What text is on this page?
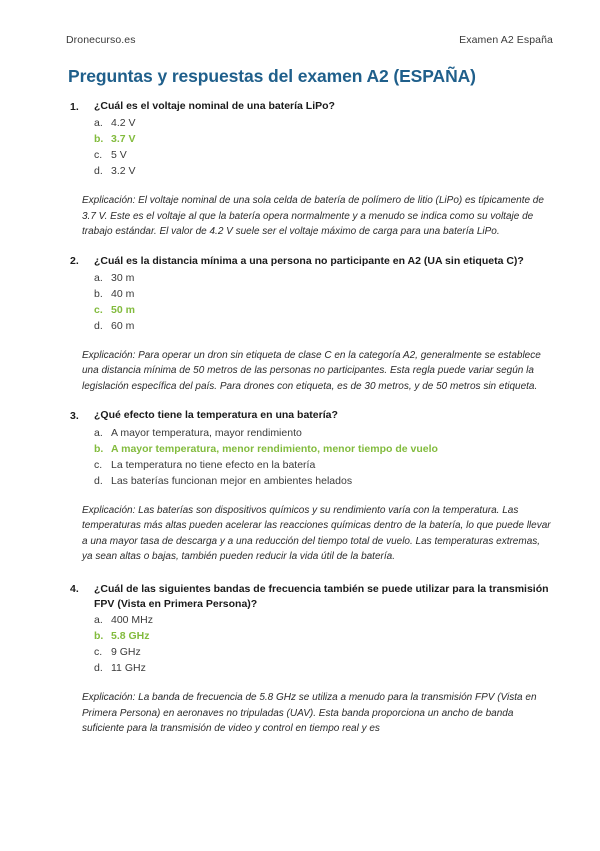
Dronecurso.es	Examen A2 España
Preguntas y respuestas del examen A2 (ESPAÑA)
1.	¿Cuál es el voltaje nominal de una batería LiPo?
a. 4.2 V
b. 3.7 V
c. 5 V
d. 3.2 V

Explicación: El voltaje nominal de una sola celda de batería de polímero de litio (LiPo) es típicamente de 3.7 V. Este es el voltaje al que la batería opera normalmente y a menudo se indica como su voltaje de trabajo estándar. El valor de 4.2 V suele ser el voltaje máximo de carga para una batería LiPo.

2.	¿Cuál es la distancia mínima a una persona no participante en A2 (UA sin etiqueta C)?
a. 30 m
b. 40 m
c. 50 m
d. 60 m

Explicación: Para operar un dron sin etiqueta de clase C en la categoría A2, generalmente se establece una distancia mínima de 50 metros de las personas no participantes. Esta regla puede variar según la legislación específica del país. Para drones con etiqueta, es de 30 metros, y de 50 metros sin etiqueta.

3.	¿Qué efecto tiene la temperatura en una batería?
a. A mayor temperatura, mayor rendimiento
b. A mayor temperatura, menor rendimiento, menor tiempo de vuelo
c. La temperatura no tiene efecto en la batería
d. Las baterías funcionan mejor en ambientes helados

Explicación: Las baterías son dispositivos químicos y su rendimiento varía con la temperatura. Las temperaturas más altas pueden acelerar las reacciones químicas dentro de la batería, lo que puede llevar a una mayor tasa de descarga y a una reducción del tiempo total de vuelo. Las temperaturas extremas, ya sean altas o bajas, también pueden reducir la vida útil de la batería.

4.	¿Cuál de las siguientes bandas de frecuencia también se puede utilizar para la transmisión FPV (Vista en Primera Persona)?
a. 400 MHz
b. 5.8 GHz
c. 9 GHz
d. 11 GHz

Explicación: La banda de frecuencia de 5.8 GHz se utiliza a menudo para la transmisión FPV (Vista en Primera Persona) en aeronaves no tripuladas (UAV). Esta banda proporciona un ancho de banda suficiente para la transmisión de video y control en tiempo real y es
